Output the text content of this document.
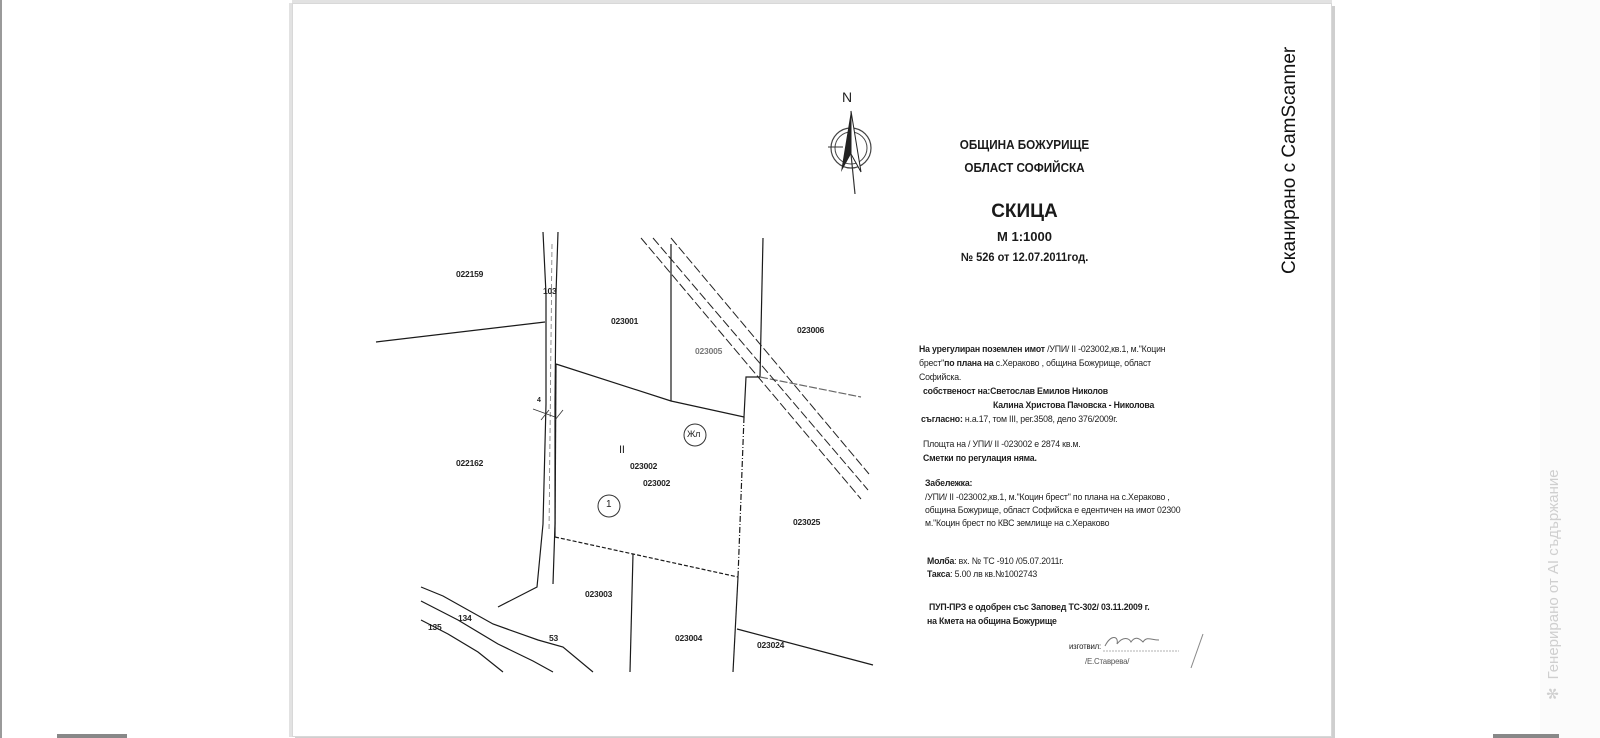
022159
103
023001
023005
023006
022162
II
023002
023002
Жл
1
023025
023003
134
135
53	023004
023024
4
N
ОБЩИНА БОЖУРИЩЕ
ОБЛАСТ СОФИЙСКА
СКИЦА
М 1:1000
№ 526 от 12.07.2011год.
На урегулиран поземлен имот /УПИ/ II -023002,кв.1, м."Коцин
брест"по плана на с.Хераково , община Божурище, област
Софийска.
собственост на:Светослав Емилов Николов
Калина Христова Пачовска - Николова
съгласно: н.а.17, том III, рег.3508, дело 376/2009г.
Площта на / УПИ/ II -023002 е 2874 кв.м.
Сметки по регулация няма.
Забележка:
/УПИ/ II -023002,кв.1, м."Коцин брест" по плана на с.Хераково ,
община Божурище, област Софийска е едентичен на имот 02300
м."Коцин брест по КВС землище на с.Хераково
Молба: вх. № ТС -910 /05.07.2011г.
Такса: 5.00 лв кв.№1002743
ПУП-ПРЗ е одобрен със Заповед ТС-302/ 03.11.2009 г.
на Кмета на община Божурище
изготвил:
/Е.Ставрева/
Сканирано с CamScanner
✻Генерирано от AI съдържание
